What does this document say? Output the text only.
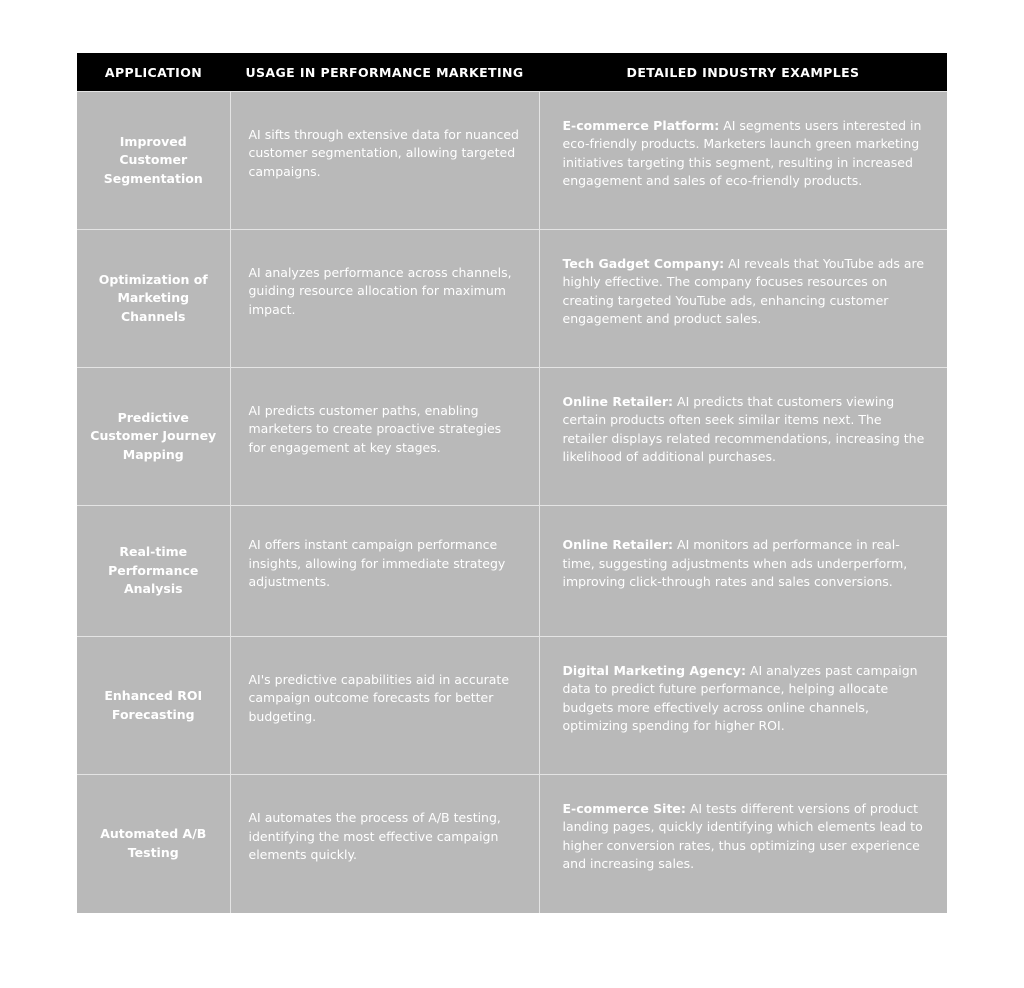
APPLICATION	USAGE IN PERFORMANCE MARKETING	DETAILED INDUSTRY EXAMPLES
Improved Customer Segmentation	AI sifts through extensive data for nuanced customer segmentation, allowing targeted campaigns.	E-commerce Platform: AI segments users interested in eco-friendly products. Marketers launch green marketing initiatives targeting this segment, resulting in increased engagement and sales of eco-friendly products.
Optimization of Marketing Channels	AI analyzes performance across channels, guiding resource allocation for maximum impact.	Tech Gadget Company: AI reveals that YouTube ads are highly effective. The company focuses resources on creating targeted YouTube ads, enhancing customer engagement and product sales.
Predictive Customer Journey Mapping	AI predicts customer paths, enabling marketers to create proactive strategies for engagement at key stages.	Online Retailer: AI predicts that customers viewing certain products often seek similar items next. The retailer displays related recommendations, increasing the likelihood of additional purchases.
Real-time Performance Analysis	AI offers instant campaign performance insights, allowing for immediate strategy adjustments.	Online Retailer: AI monitors ad performance in real-time, suggesting adjustments when ads underperform, improving click-through rates and sales conversions.
Enhanced ROI Forecasting	AI's predictive capabilities aid in accurate campaign outcome forecasts for better budgeting.	Digital Marketing Agency: AI analyzes past campaign data to predict future performance, helping allocate budgets more effectively across online channels, optimizing spending for higher ROI.
Automated A/B Testing	AI automates the process of A/B testing, identifying the most effective campaign elements quickly.	E-commerce Site: AI tests different versions of product landing pages, quickly identifying which elements lead to higher conversion rates, thus optimizing user experience and increasing sales.
